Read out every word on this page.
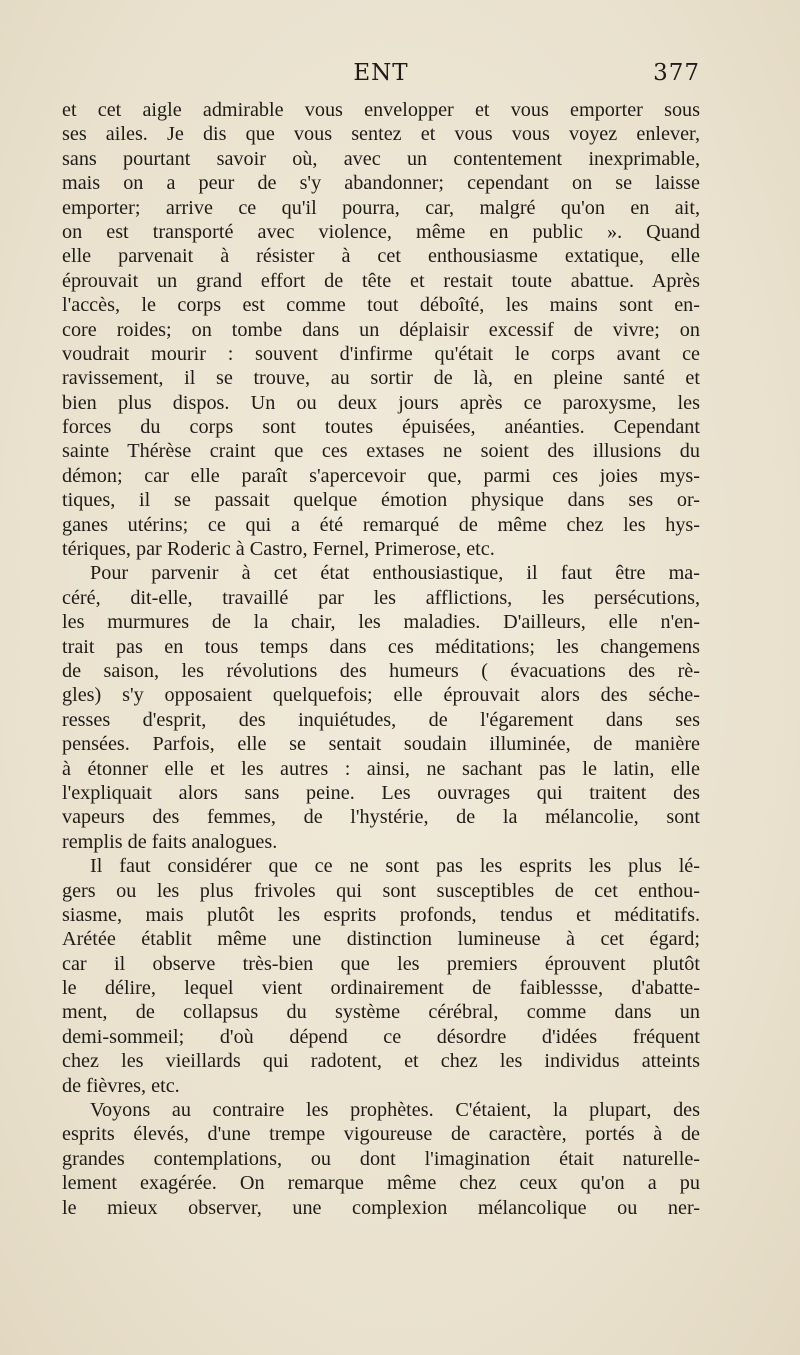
ENT	377

et cet aigle admirable vous envelopper et vous emporter sous
ses ailes. Je dis que vous sentez et vous vous voyez enlever,
sans pourtant savoir où, avec un contentement inexprimable,
mais on a peur de s'y abandonner; cependant on se laisse
emporter; arrive ce qu'il pourra, car, malgré qu'on en ait,
on est transporté avec violence, même en public ». Quand
elle parvenait à résister à cet enthousiasme extatique, elle
éprouvait un grand effort de tête et restait toute abattue. Après
l'accès, le corps est comme tout déboîté, les mains sont en-
core roides; on tombe dans un déplaisir excessif de vivre; on
voudrait mourir : souvent d'infirme qu'était le corps avant ce
ravissement, il se trouve, au sortir de là, en pleine santé et
bien plus dispos. Un ou deux jours après ce paroxysme, les
forces du corps sont toutes épuisées, anéanties. Cependant
sainte Thérèse craint que ces extases ne soient des illusions du
démon; car elle paraît s'apercevoir que, parmi ces joies mys-
tiques, il se passait quelque émotion physique dans ses or-
ganes utérins; ce qui a été remarqué de même chez les hys-
tériques, par Roderic à Castro, Fernel, Primerose, etc.

Pour parvenir à cet état enthousiastique, il faut être ma-
céré, dit-elle, travaillé par les afflictions, les persécutions,
les murmures de la chair, les maladies. D'ailleurs, elle n'en-
trait pas en tous temps dans ces méditations; les changemens
de saison, les révolutions des humeurs ( évacuations des rè-
gles) s'y opposaient quelquefois; elle éprouvait alors des séche-
resses d'esprit, des inquiétudes, de l'égarement dans ses
pensées. Parfois, elle se sentait soudain illuminée, de manière
à étonner elle et les autres : ainsi, ne sachant pas le latin, elle
l'expliquait alors sans peine. Les ouvrages qui traitent des
vapeurs des femmes, de l'hystérie, de la mélancolie, sont
remplis de faits analogues.

Il faut considérer que ce ne sont pas les esprits les plus lé-
gers ou les plus frivoles qui sont susceptibles de cet enthou-
siasme, mais plutôt les esprits profonds, tendus et méditatifs.
Arétée établit même une distinction lumineuse à cet égard;
car il observe très-bien que les premiers éprouvent plutôt
le délire, lequel vient ordinairement de faiblessse, d'abatte-
ment, de collapsus du système cérébral, comme dans un
demi-sommeil; d'où dépend ce désordre d'idées fréquent
chez les vieillards qui radotent, et chez les individus atteints
de fièvres, etc.

Voyons au contraire les prophètes. C'étaient, la plupart, des
esprits élevés, d'une trempe vigoureuse de caractère, portés à de
grandes contemplations, ou dont l'imagination était naturelle-
lement exagérée. On remarque même chez ceux qu'on a pu
le mieux observer, une complexion mélancolique ou ner-
